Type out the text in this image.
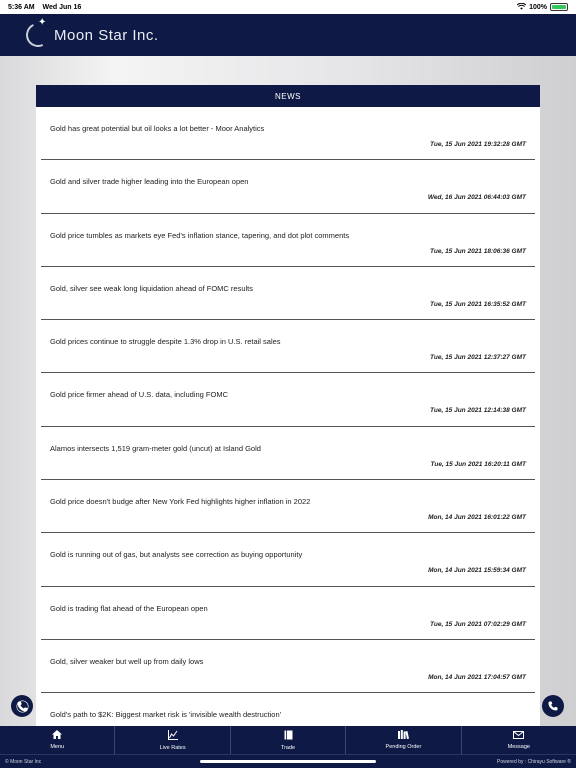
5:36 AM Wed Jun 16	100%
✦
Moon Star Inc.
NEWS
Gold has great potential but oil looks a lot better - Moor Analytics
Tue, 15 Jun 2021 19:32:28 GMT
Gold and silver trade higher leading into the European open
Wed, 16 Jun 2021 06:44:03 GMT
Gold price tumbles as markets eye Fed's inflation stance, tapering, and dot plot comments
Tue, 15 Jun 2021 18:06:36 GMT
Gold, silver see weak long liquidation ahead of FOMC results
Tue, 15 Jun 2021 16:35:52 GMT
Gold prices continue to struggle despite 1.3% drop in U.S. retail sales
Tue, 15 Jun 2021 12:37:27 GMT
Gold price firmer ahead of U.S. data, including FOMC
Tue, 15 Jun 2021 12:14:38 GMT
Alamos intersects 1,519 gram-meter gold (uncut) at Island Gold
Tue, 15 Jun 2021 16:20:11 GMT
Gold price doesn't budge after New York Fed highlights higher inflation in 2022
Mon, 14 Jun 2021 16:01:22 GMT
Gold is running out of gas, but analysts see correction as buying opportunity
Mon, 14 Jun 2021 15:59:34 GMT
Gold is trading flat ahead of the European open
Tue, 15 Jun 2021 07:02:29 GMT
Gold, silver weaker but well up from daily lows
Mon, 14 Jun 2021 17:04:57 GMT
Gold's path to $2K: Biggest market risk is 'invisible wealth destruction'
Menu	Live Rates	Trade	Pending Order	Message
© Moon Star Inc	Powered by : Chirayu Software ®
